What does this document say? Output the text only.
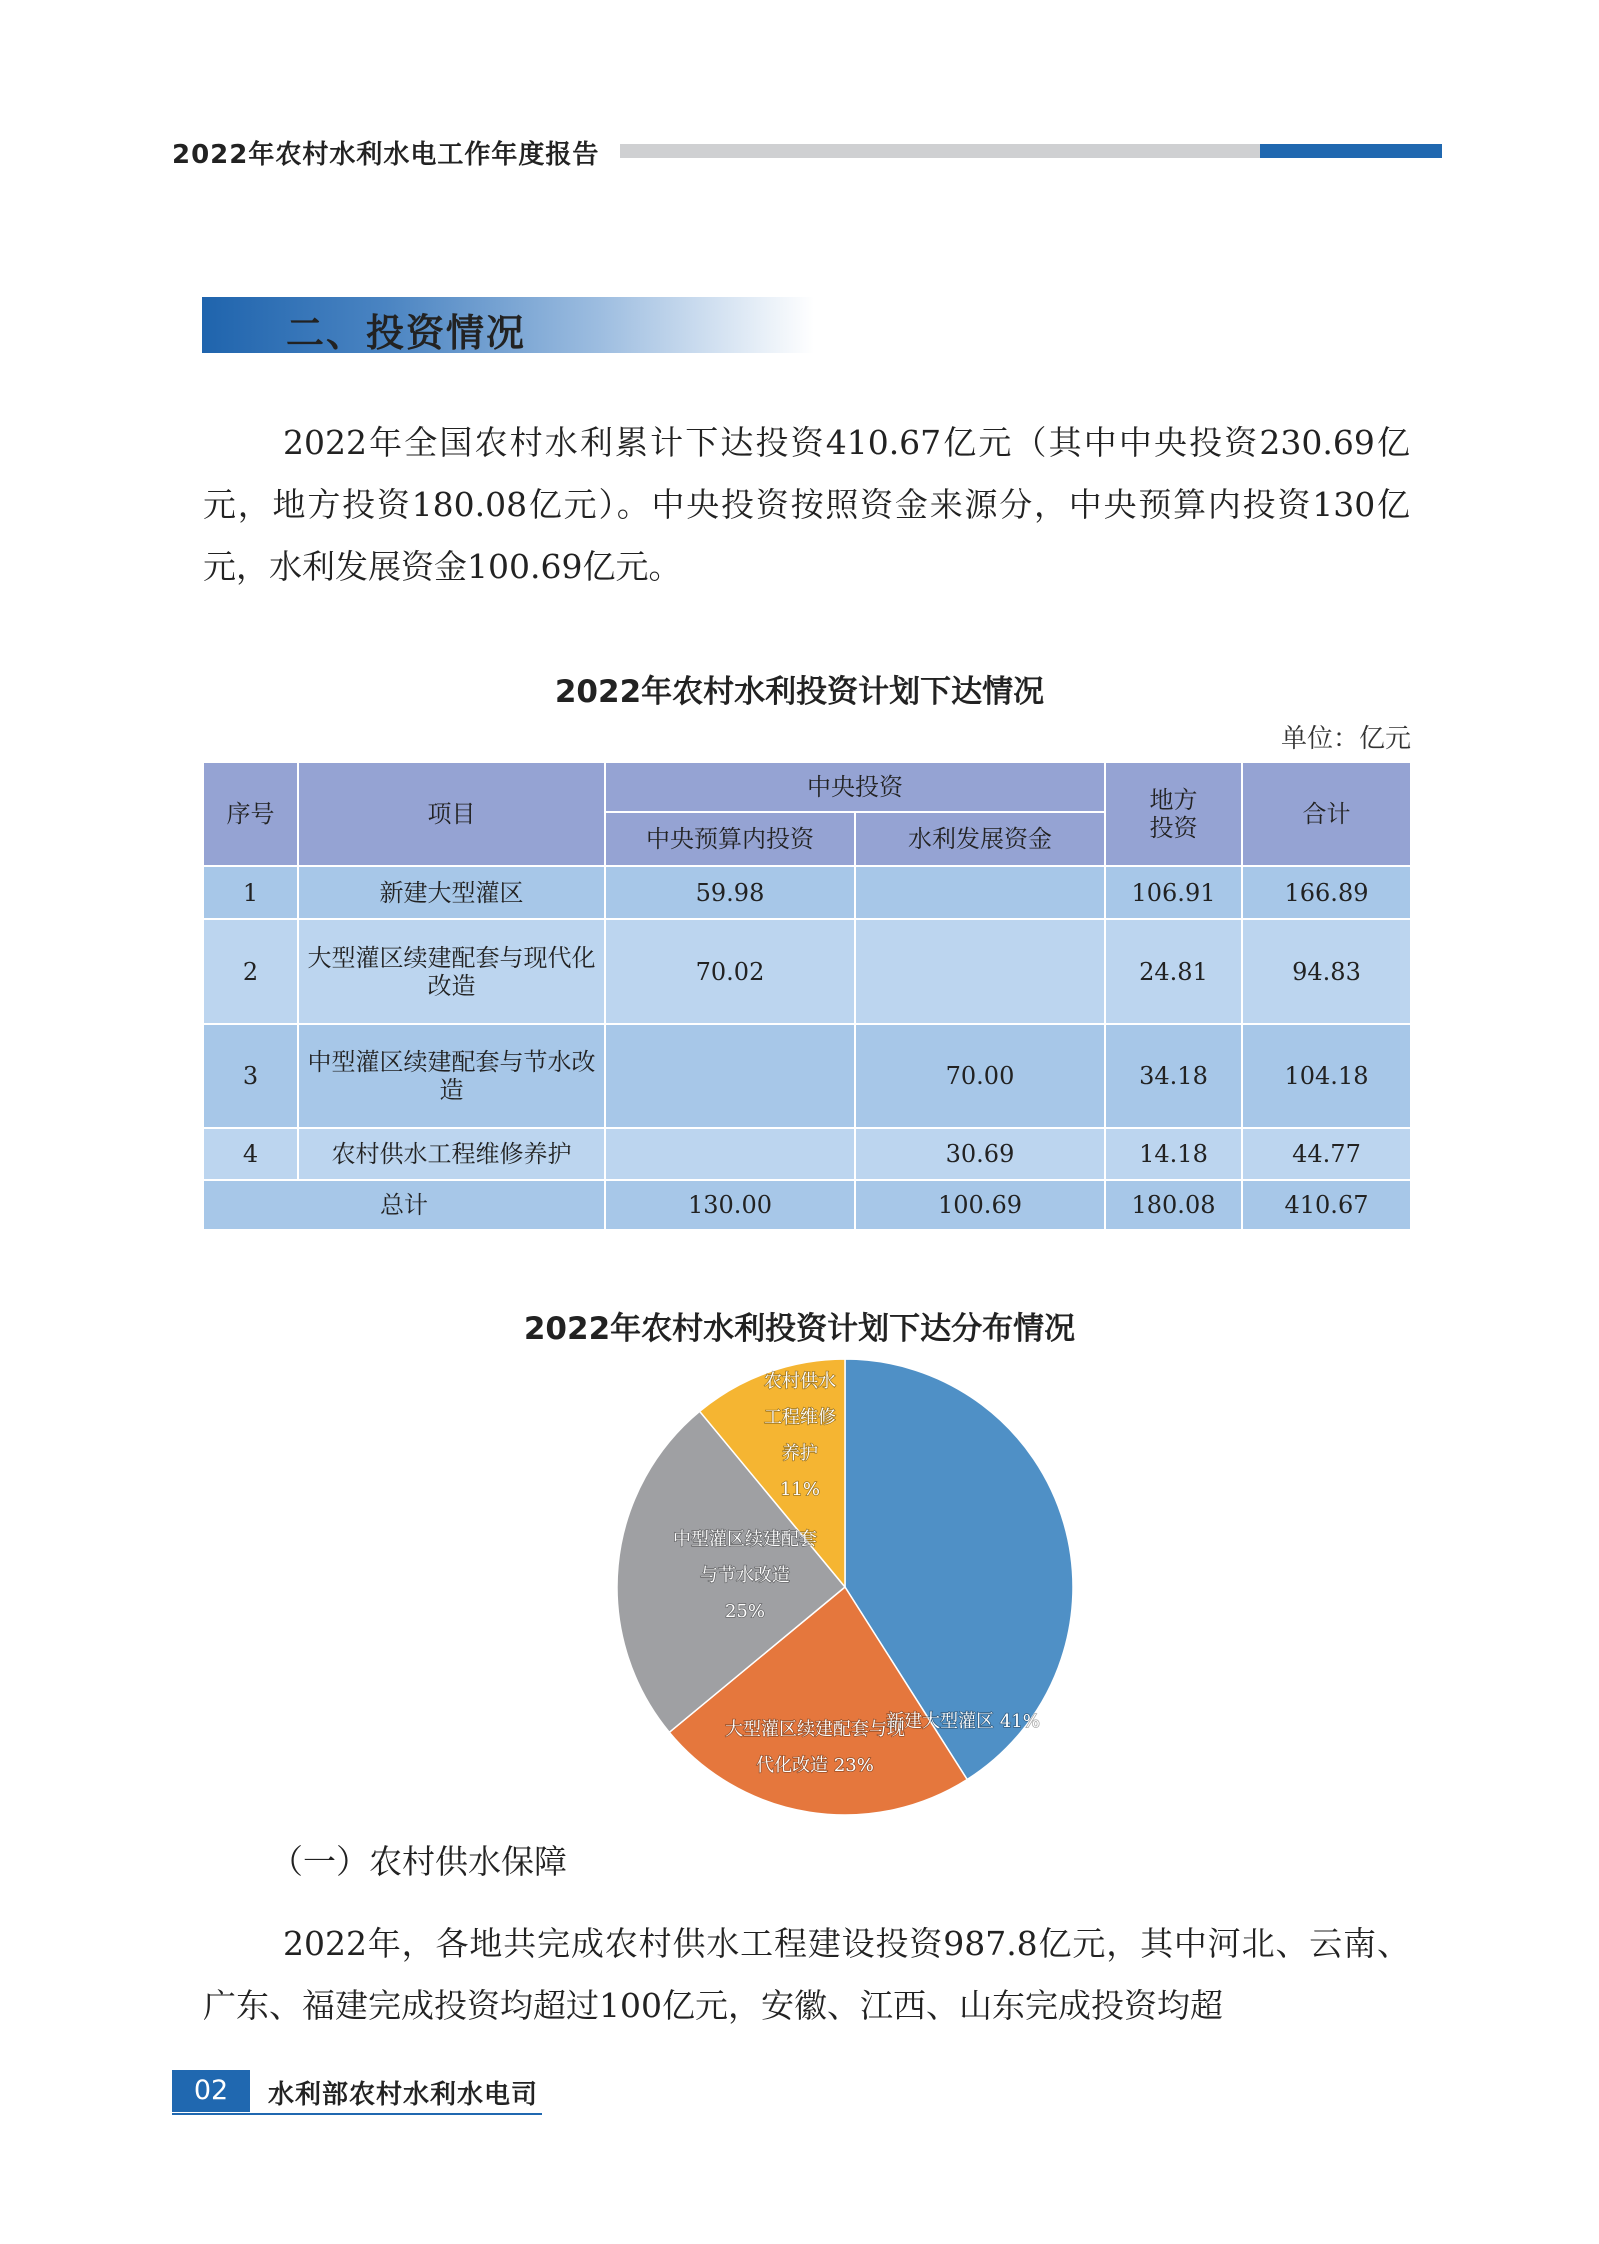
2022年农村水利水电工作年度报告
二、投资情况

2022年全国农村水利累计下达投资410.67亿元（其中中央投资230.69亿元，地方投资180.08亿元）。中央投资按照资金来源分，中央预算内投资130亿元，水利发展资金100.69亿元。

2022年农村水利投资计划下达情况
单位：亿元
序号	项目	中央投资		地方投资	合计
		中央预算内投资	水利发展资金		
1	新建大型灌区	59.98		106.91	166.89
2	大型灌区续建配套与现代化改造	70.02		24.81	94.83
3	中型灌区续建配套与节水改造		70.00	34.18	104.18
4	农村供水工程维修养护		30.69	14.18	44.77
总计		130.00	100.69	180.08	410.67
2022年农村水利投资计划下达分布情况
新建大型灌区 41%
大型灌区续建配套与现代化改造 23%
中型灌区续建配套与节水改造 25%
农村供水工程维修养护 11%
（一）农村供水保障

2022年，各地共完成农村供水工程建设投资987.8亿元，其中河北、云南、广东、福建完成投资均超过100亿元，安徽、江西、山东完成投资均超

02	水利部农村水利水电司
